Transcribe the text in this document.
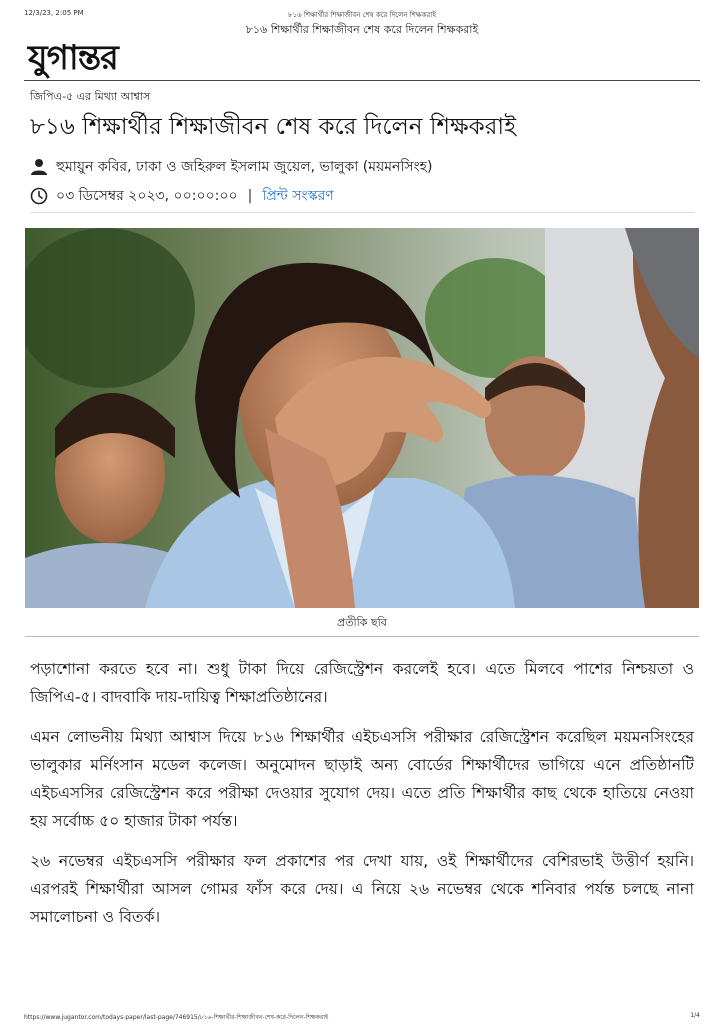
12/3/23, 2:05 PM	৮১৬ শিক্ষার্থীর শিক্ষাজীবন শেষ করে দিলেন শিক্ষকরাই
৮১৬ শিক্ষার্থীর শিক্ষাজীবন শেষ করে দিলেন শিক্ষকরাই
যুগান্তর
জিপিএ-৫ এর মিথ্যা আশ্বাস
৮১৬ শিক্ষার্থীর শিক্ষাজীবন শেষ করে দিলেন শিক্ষকরাই
হুমায়ুন কবির, ঢাকা ও জহিরুল ইসলাম জুয়েল, ভালুকা (ময়মনসিংহ)
০৩ ডিসেম্বর ২০২৩, ০০:০০:০০ | প্রিন্ট সংস্করণ
প্রতীকি ছবি

পড়াশোনা করতে হবে না। শুধু টাকা দিয়ে রেজিস্ট্রেশন করলেই হবে। এতে মিলবে পাশের নিশ্চয়তা ও জিপিএ-৫। বাদবাকি দায়-দায়িত্ব শিক্ষাপ্রতিষ্ঠানের।

এমন লোভনীয় মিথ্যা আশ্বাস দিয়ে ৮১৬ শিক্ষার্থীর এইচএসসি পরীক্ষার রেজিস্ট্রেশন করেছিল ময়মনসিংহের ভালুকার মর্নিংসান মডেল কলেজ। অনুমোদন ছাড়াই অন্য বোর্ডের শিক্ষার্থীদের ভাগিয়ে এনে প্রতিষ্ঠানটি এইচএসসির রেজিস্ট্রেশন করে পরীক্ষা দেওয়ার সুযোগ দেয়। এতে প্রতি শিক্ষার্থীর কাছ থেকে হাতিয়ে নেওয়া হয় সর্বোচ্চ ৫০ হাজার টাকা পর্যন্ত।

২৬ নভেম্বর এইচএসসি পরীক্ষার ফল প্রকাশের পর দেখা যায়, ওই শিক্ষার্থীদের বেশিরভাই উত্তীর্ণ হয়নি। এরপরই শিক্ষার্থীরা আসল গোমর ফাঁস করে দেয়। এ নিয়ে ২৬ নভেম্বর থেকে শনিবার পর্যন্ত চলছে নানা সমালোচনা ও বিতর্ক।

https://www.jugantor.com/todays-paper/last-page/746915/৮১৬-শিক্ষার্থীর-শিক্ষাজীবন-শেষ-করে-দিলেন-শিক্ষকরাই	1/4
